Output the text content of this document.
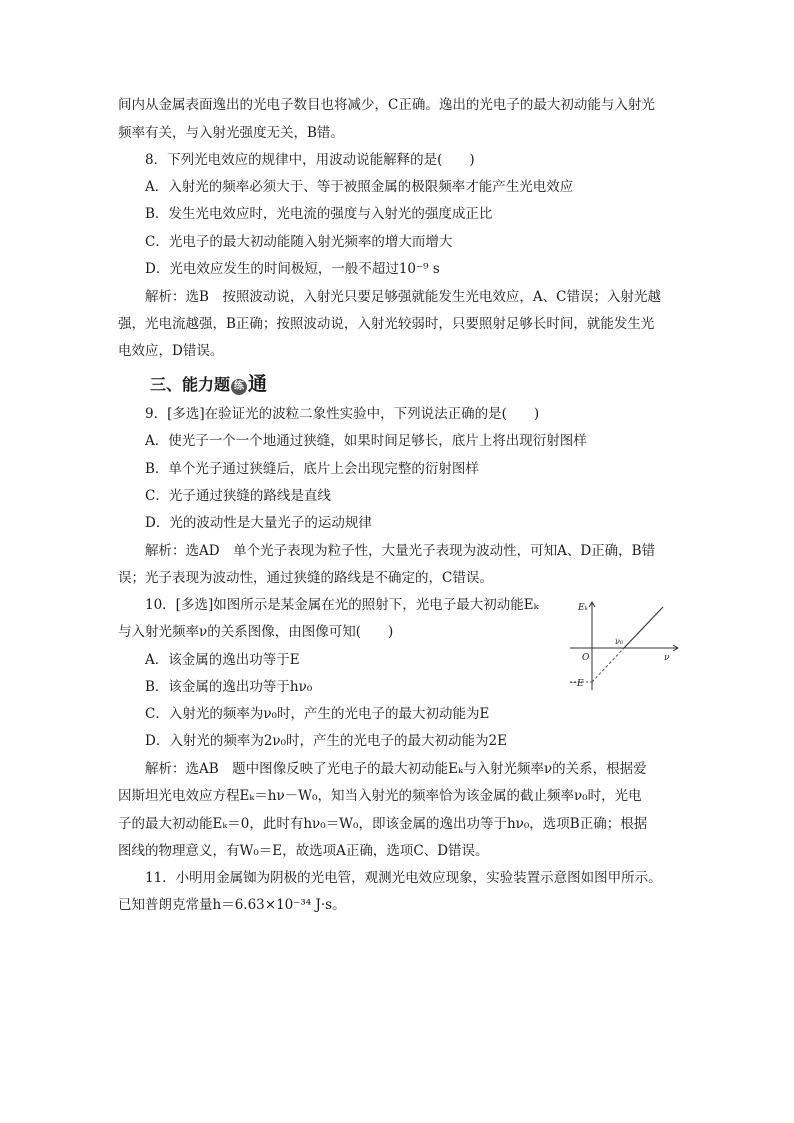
间内从金属表面逸出的光电子数目也将减少，C正确。逸出的光电子的最大初动能与入射光
频率有关，与入射光强度无关，B错。
8．下列光电效应的规律中，用波动说能解释的是(　　)
A．入射光的频率必须大于、等于被照金属的极限频率才能产生光电效应
B．发生光电效应时，光电流的强度与入射光的强度成正比
C．光电子的最大初动能随入射光频率的增大而增大
D．光电效应发生的时间极短，一般不超过10⁻⁹ s
解析：选B　按照波动说，入射光只要足够强就能发生光电效应，A、C错误；入射光越
强，光电流越强，B正确；按照波动说，入射光较弱时，只要照射足够长时间，就能发生光
电效应，D错误。
三、能力题 练 通
9．[多选]在验证光的波粒二象性实验中，下列说法正确的是(　　)
A．使光子一个一个地通过狭缝，如果时间足够长，底片上将出现衍射图样
B．单个光子通过狭缝后，底片上会出现完整的衍射图样
C．光子通过狭缝的路线是直线
D．光的波动性是大量光子的运动规律
解析：选AD　单个光子表现为粒子性，大量光子表现为波动性，可知A、D正确，B错
误；光子表现为波动性，通过狭缝的路线是不确定的，C错误。
10．[多选]如图所示是某金属在光的照射下，光电子最大初动能Eₖ
与入射光频率ν的关系图像，由图像可知(　　)
A．该金属的逸出功等于E
B．该金属的逸出功等于hν₀
C．入射光的频率为ν₀时，产生的光电子的最大初动能为E
D．入射光的频率为2ν₀时，产生的光电子的最大初动能为2E
Eₖ
ν
O
ν₀
－E
解析：选AB　题中图像反映了光电子的最大初动能Eₖ与入射光频率ν的关系，根据爱
因斯坦光电效应方程Eₖ＝hν－W₀，知当入射光的频率恰为该金属的截止频率ν₀时，光电
子的最大初动能Eₖ＝0，此时有hν₀＝W₀，即该金属的逸出功等于hν₀，选项B正确；根据
图线的物理意义，有W₀＝E，故选项A正确，选项C、D错误。
11．小明用金属铷为阴极的光电管，观测光电效应现象，实验装置示意图如图甲所示。
已知普朗克常量h＝6.63×10⁻³⁴ J·s。
